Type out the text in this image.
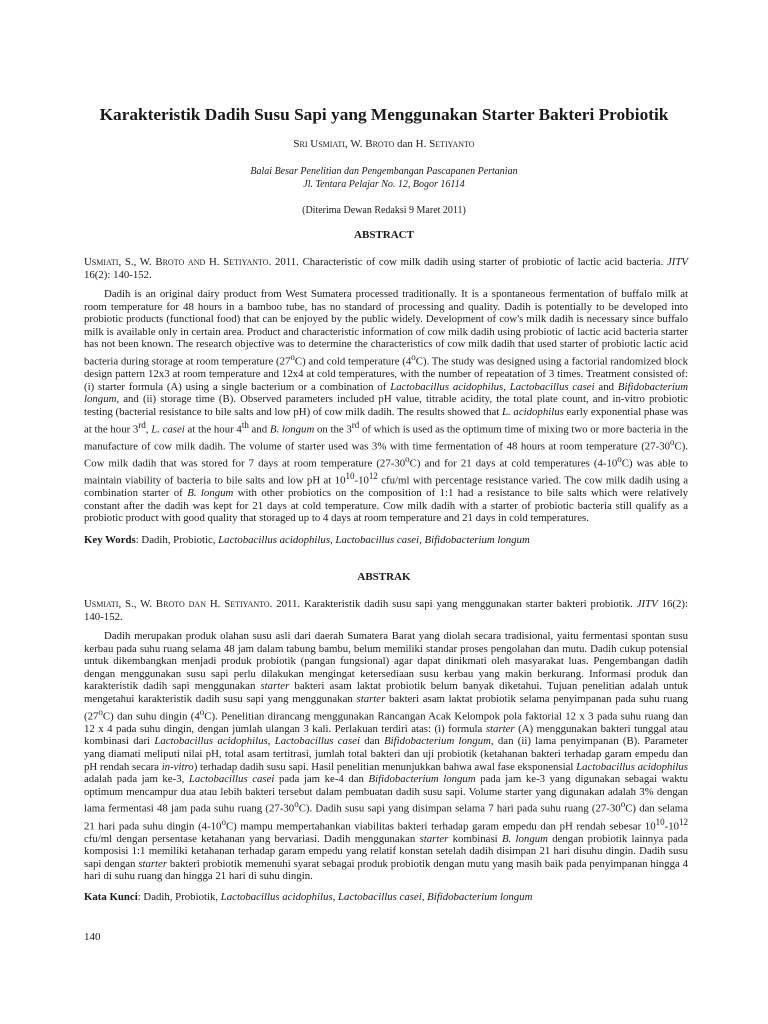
Karakteristik Dadih Susu Sapi yang Menggunakan Starter Bakteri Probiotik
Sri Usmiati, W. Broto dan H. Setiyanto
Balai Besar Penelitian dan Pengembangan Pascapanen Pertanian
Jl. Tentara Pelajar No. 12, Bogor 16114
(Diterima Dewan Redaksi 9 Maret 2011)
ABSTRACT
Usmiati, S., W. Broto and H. Setiyanto. 2011. Characteristic of cow milk dadih using starter of probiotic of lactic acid bacteria. JITV 16(2): 140-152.
Dadih is an original dairy product from West Sumatera processed traditionally. It is a spontaneous fermentation of buffalo milk at room temperature for 48 hours in a bamboo tube, has no standard of processing and quality. Dadih is potentially to be developed into probiotic products (functional food) that can be enjoyed by the public widely. Development of cow's milk dadih is necessary since buffalo milk is available only in certain area. Product and characteristic information of cow milk dadih using probiotic of lactic acid bacteria starter has not been known. The research objective was to determine the characteristics of cow milk dadih that used starter of probiotic lactic acid bacteria during storage at room temperature (27$^o$C) and cold temperature (4$^o$C). The study was designed using a factorial randomized block design pattern 12x3 at room temperature and 12x4 at cold temperatures, with the number of repeatation of 3 times. Treatment consisted of: (i) starter formula (A) using a single bacterium or a combination of Lactobacillus acidophilus, Lactobacillus casei and Bifidobacterium longum, and (ii) storage time (B). Observed parameters included pH value, titrable acidity, the total plate count, and in-vitro probiotic testing (bacterial resistance to bile salts and low pH) of cow milk dadih. The results showed that L. acidophilus early exponential phase was at the hour 3rd, L. casei at the hour 4th and B. longum on the 3rd of which is used as the optimum time of mixing two or more bacteria in the manufacture of cow milk dadih. The volume of starter used was 3% with time fermentation of 48 hours at room temperature (27-30$^o$C). Cow milk dadih that was stored for 7 days at room temperature (27-30$^o$C) and for 21 days at cold temperatures (4-10$^o$C) was able to maintain viability of bacteria to bile salts and low pH at $10^{10}-10^{12}$ cfu/ml with percentage resistance varied. The cow milk dadih using a combination starter of B. longum with other probiotics on the composition of 1:1 had a resistance to bile salts which were relatively constant after the dadih was kept for 21 days at cold temperature. Cow milk dadih with a starter of probiotic bacteria still qualify as a probiotic product with good quality that storaged up to 4 days at room temperature and 21 days in cold temperatures.
Key Words: Dadih, Probiotic, Lactobacillus acidophilus, Lactobacillus casei, Bifidobacterium longum
ABSTRAK
Usmiati, S., W. Broto dan H. Setiyanto. 2011. Karakteristik dadih susu sapi yang menggunakan starter bakteri probiotik. JITV 16(2): 140-152.
Dadih merupakan produk olahan susu asli dari daerah Sumatera Barat yang diolah secara tradisional, yaitu fermentasi spontan susu kerbau pada suhu ruang selama 48 jam dalam tabung bambu, belum memiliki standar proses pengolahan dan mutu. Dadih cukup potensial untuk dikembangkan menjadi produk probiotik (pangan fungsional) agar dapat dinikmati oleh masyarakat luas. Pengembangan dadih dengan menggunakan susu sapi perlu dilakukan mengingat ketersediaan susu kerbau yang makin berkurang. Informasi produk dan karakteristik dadih sapi menggunakan starter bakteri asam laktat probiotik belum banyak diketahui. Tujuan penelitian adalah untuk mengetahui karakteristik dadih susu sapi yang menggunakan starter bakteri asam laktat probiotik selama penyimpanan pada suhu ruang (27$^o$C) dan suhu dingin (4$^o$C). Penelitian dirancang menggunakan Rancangan Acak Kelompok pola faktorial 12 x 3 pada suhu ruang dan 12 x 4 pada suhu dingin, dengan jumlah ulangan 3 kali. Perlakuan terdiri atas: (i) formula starter (A) menggunakan bakteri tunggal atau kombinasi dari Lactobacillus acidophilus, Lactobacillus casei dan Bifidobacterium longum, dan (ii) lama penyimpanan (B). Parameter yang diamati meliputi nilai pH, total asam tertitrasi, jumlah total bakteri dan uji probiotik (ketahanan bakteri terhadap garam empedu dan pH rendah secara in-vitro) terhadap dadih susu sapi. Hasil penelitian menunjukkan bahwa awal fase eksponensial Lactobacillus acidophilus adalah pada jam ke-3, Lactobacillus casei pada jam ke-4 dan Bifidobacterium longum pada jam ke-3 yang digunakan sebagai waktu optimum mencampur dua atau lebih bakteri tersebut dalam pembuatan dadih susu sapi. Volume starter yang digunakan adalah 3% dengan lama fermentasi 48 jam pada suhu ruang (27-30$^o$C). Dadih susu sapi yang disimpan selama 7 hari pada suhu ruang (27-30$^o$C) dan selama 21 hari pada suhu dingin (4-10$^o$C) mampu mempertahankan viabilitas bakteri terhadap garam empedu dan pH rendah sebesar $10^{10}-10^{12}$ cfu/ml dengan persentase ketahanan yang bervariasi. Dadih menggunakan starter kombinasi B. longum dengan probiotik lainnya pada komposisi 1:1 memiliki ketahanan terhadap garam empedu yang relatif konstan setelah dadih disimpan 21 hari disuhu dingin. Dadih susu sapi dengan starter bakteri probiotik memenuhi syarat sebagai produk probiotik dengan mutu yang masih baik pada penyimpanan hingga 4 hari di suhu ruang dan hingga 21 hari di suhu dingin.
Kata Kunci: Dadih, Probiotik, Lactobacillus acidophilus, Lactobacillus casei, Bifidobacterium longum
140
